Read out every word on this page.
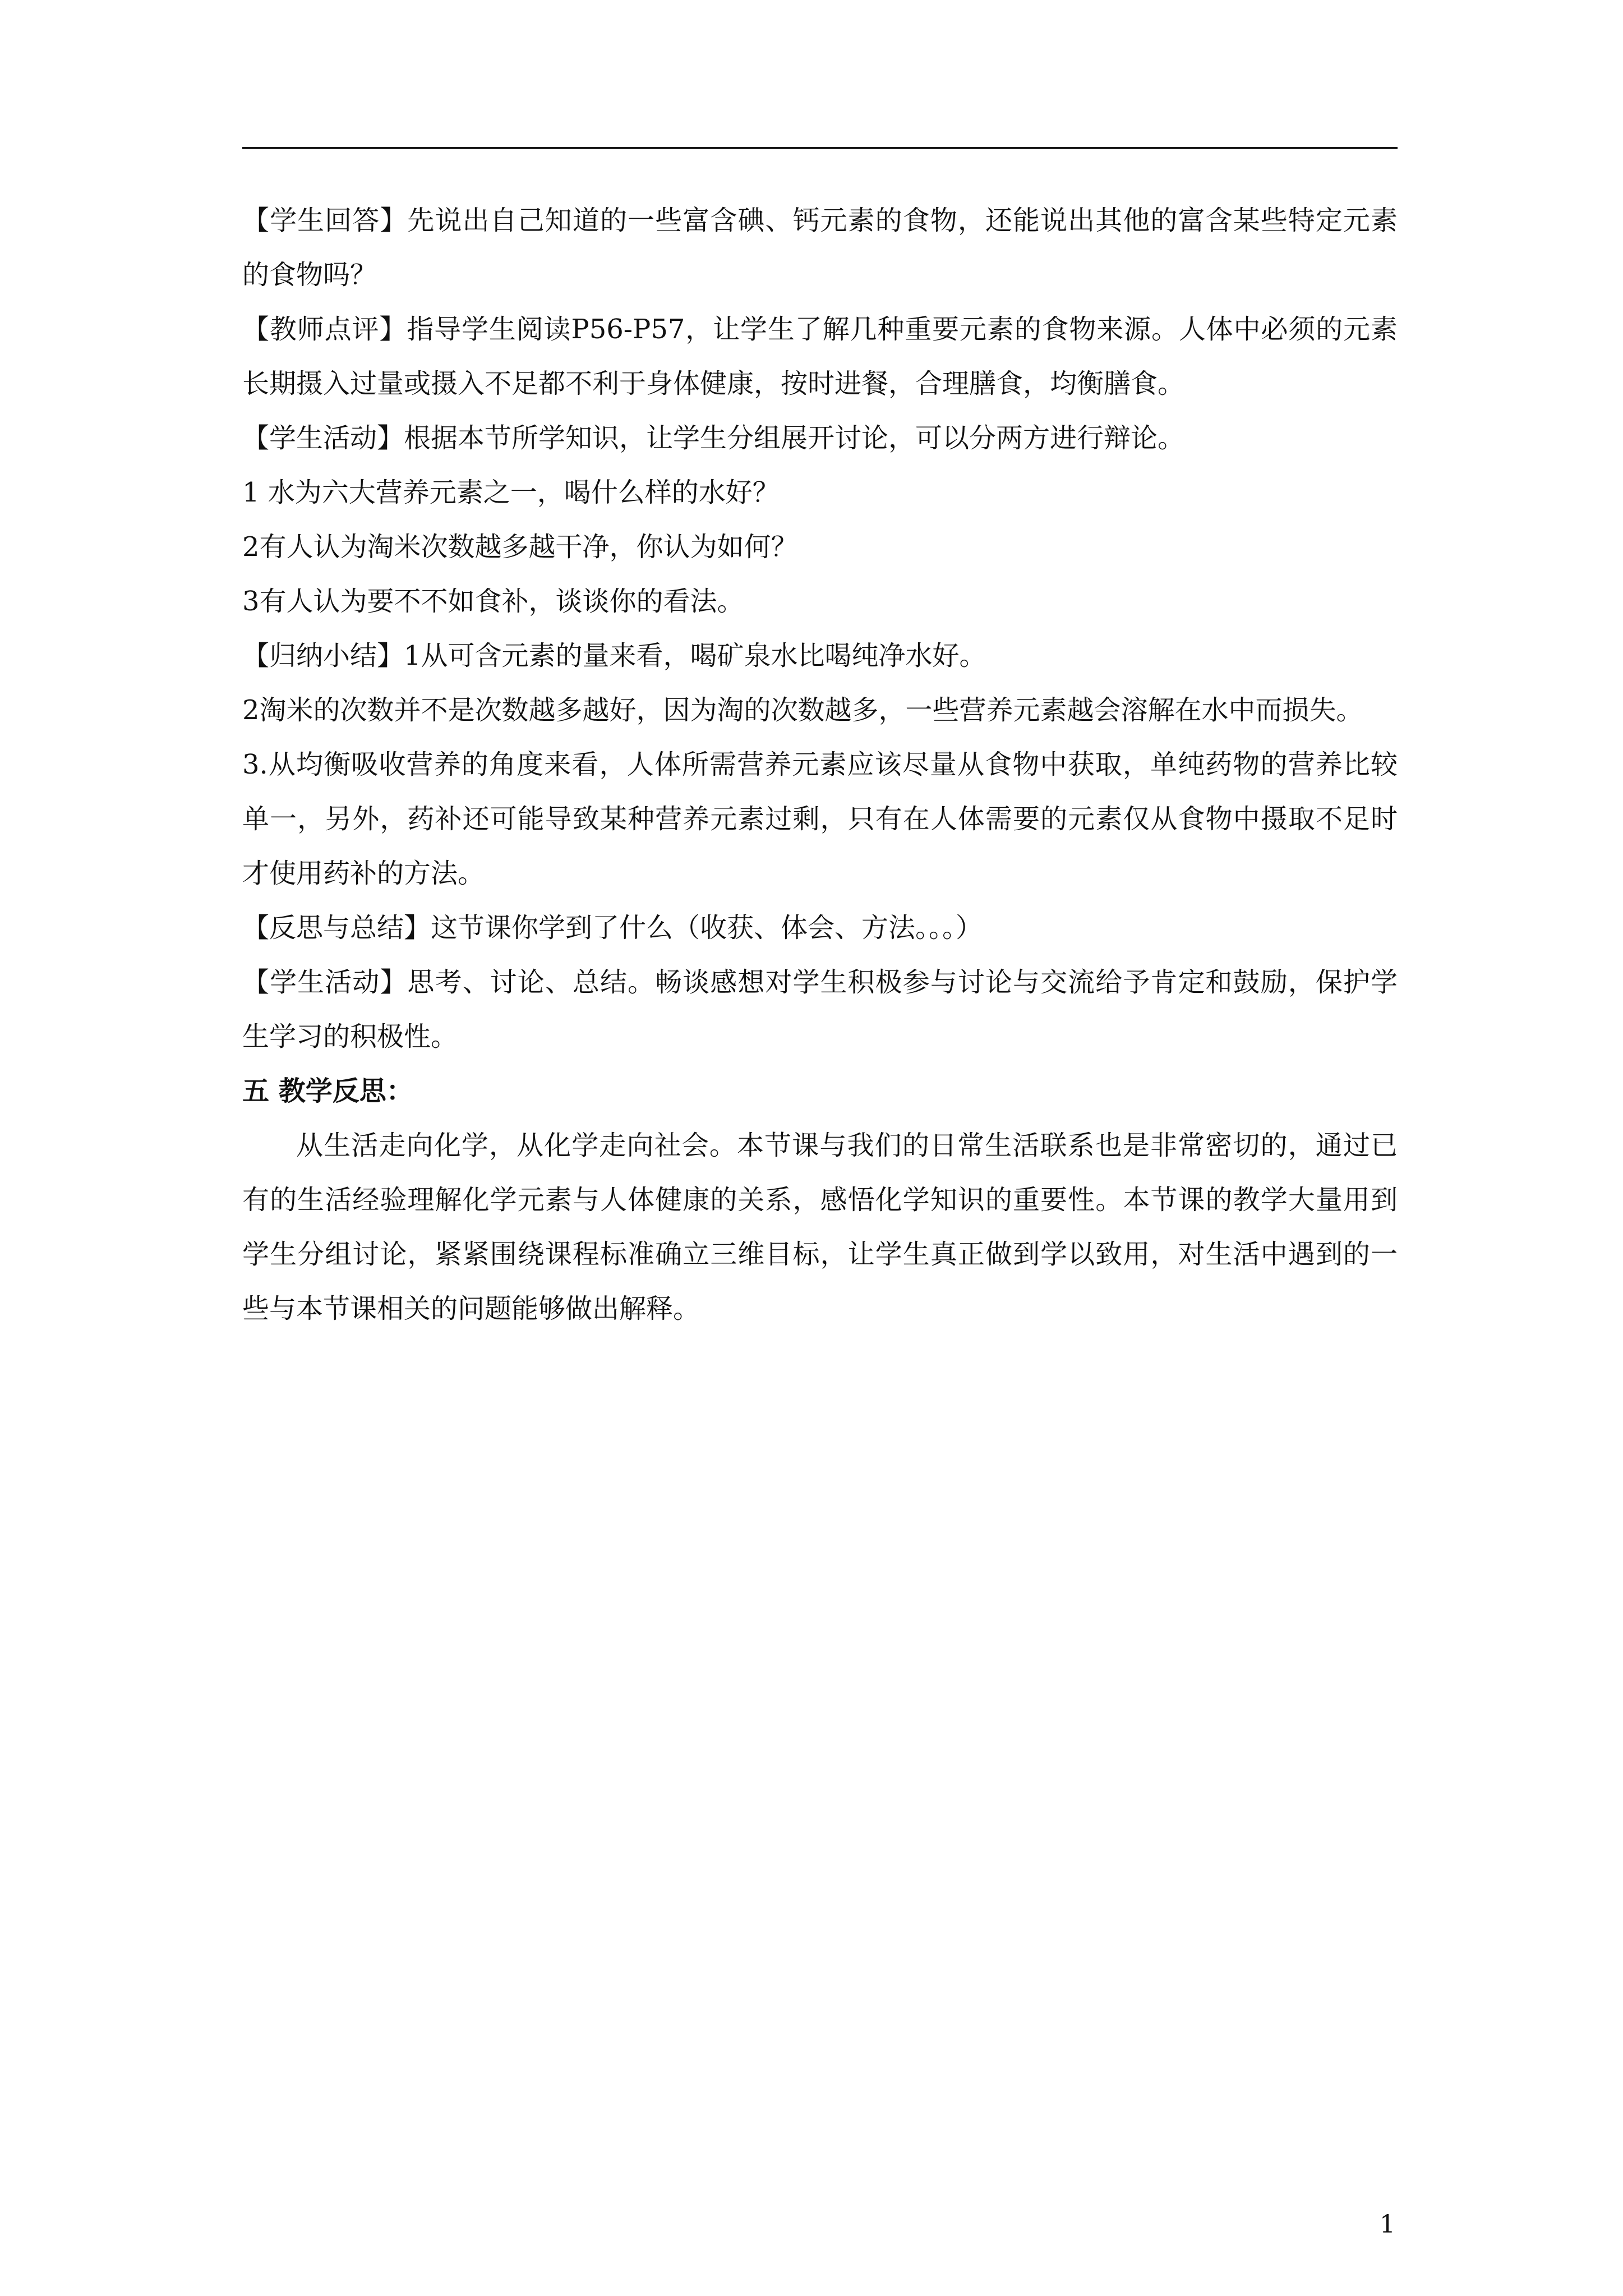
【学生回答】先说出自己知道的一些富含碘、钙元素的食物，还能说出其他的富含某些特定元素的食物吗？

【教师点评】指导学生阅读P56-P57，让学生了解几种重要元素的食物来源。人体中必须的元素长期摄入过量或摄入不足都不利于身体健康，按时进餐，合理膳食，均衡膳食。

【学生活动】根据本节所学知识，让学生分组展开讨论，可以分两方进行辩论。

1 水为六大营养元素之一，喝什么样的水好？

2有人认为淘米次数越多越干净，你认为如何？

3有人认为要不不如食补，谈谈你的看法。

【归纳小结】1从可含元素的量来看，喝矿泉水比喝纯净水好。

2淘米的次数并不是次数越多越好，因为淘的次数越多，一些营养元素越会溶解在水中而损失。

3.从均衡吸收营养的角度来看，人体所需营养元素应该尽量从食物中获取，单纯药物的营养比较单一，另外，药补还可能导致某种营养元素过剩，只有在人体需要的元素仅从食物中摄取不足时才使用药补的方法。

【反思与总结】这节课你学到了什么（收获、体会、方法。。。）

【学生活动】思考、讨论、总结。畅谈感想对学生积极参与讨论与交流给予肯定和鼓励，保护学生学习的积极性。

五 教学反思：

从生活走向化学，从化学走向社会。本节课与我们的日常生活联系也是非常密切的，通过已有的生活经验理解化学元素与人体健康的关系，感悟化学知识的重要性。本节课的教学大量用到学生分组讨论，紧紧围绕课程标准确立三维目标，让学生真正做到学以致用，对生活中遇到的一些与本节课相关的问题能够做出解释。

1
